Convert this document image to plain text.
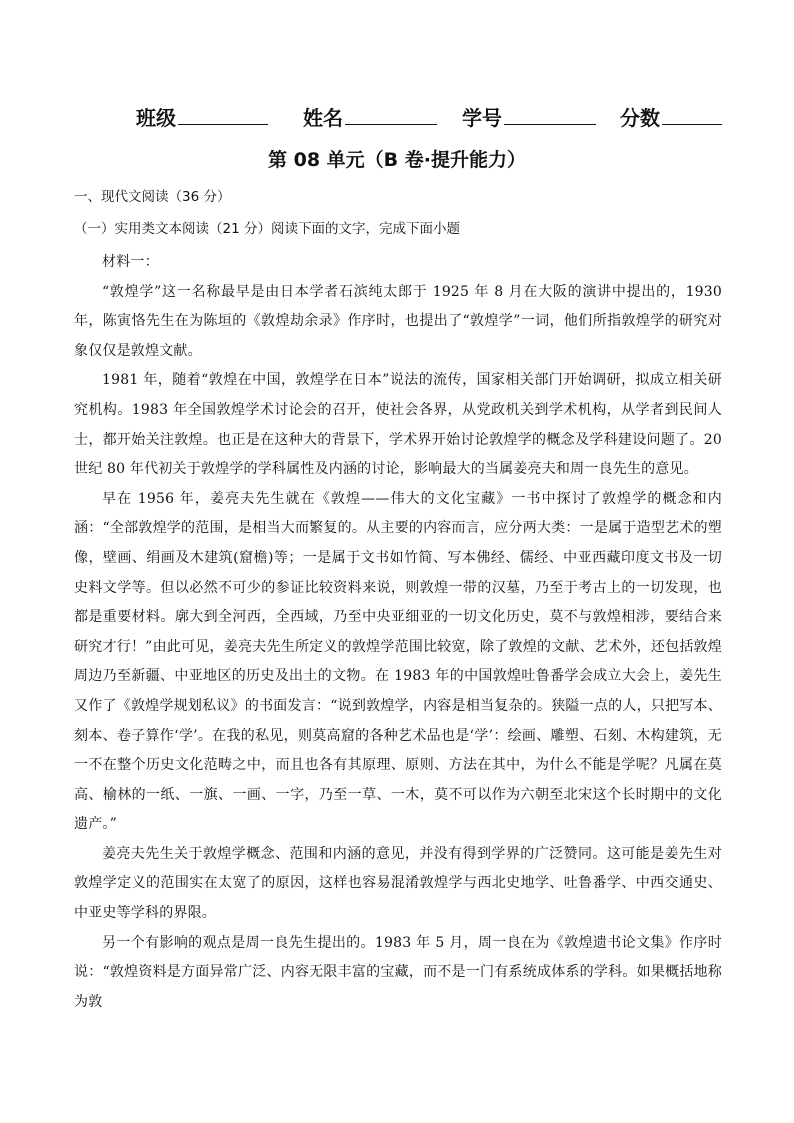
班级	姓名	学号	分数
第 08 单元（B 卷·提升能力）
一、现代文阅读（36 分）
（一）实用类文本阅读（21 分）阅读下面的文字，完成下面小题

材料一：

“敦煌学”这一名称最早是由日本学者石滨纯太郎于 1925 年 8 月在大阪的演讲中提出的，1930 年，陈寅恪先生在为陈垣的《敦煌劫余录》作序时，也提出了“敦煌学”一词，他们所指敦煌学的研究对象仅仅是敦煌文献。

1981 年，随着“敦煌在中国，敦煌学在日本”说法的流传，国家相关部门开始调研，拟成立相关研究机构。1983 年全国敦煌学术讨论会的召开，使社会各界，从党政机关到学术机构，从学者到民间人士，都开始关注敦煌。也正是在这种大的背景下，学术界开始讨论敦煌学的概念及学科建设问题了。20 世纪 80 年代初关于敦煌学的学科属性及内涵的讨论，影响最大的当属姜亮夫和周一良先生的意见。

早在 1956 年，姜亮夫先生就在《敦煌——伟大的文化宝藏》一书中探讨了敦煌学的概念和内涵：“全部敦煌学的范围，是相当大而繁复的。从主要的内容而言，应分两大类：一是属于造型艺术的塑像，壁画、绢画及木建筑(窟檐)等；一是属于文书如竹简、写本佛经、儒经、中亚西藏印度文书及一切史料文学等。但以必然不可少的参证比较资料来说，则敦煌一带的汉墓，乃至于考古上的一切发现，也都是重要材料。廓大到全河西，全西域，乃至中央亚细亚的一切文化历史，莫不与敦煌相涉，要结合来研究才行！”由此可见，姜亮夫先生所定义的敦煌学范围比较宽，除了敦煌的文献、艺术外，还包括敦煌周边乃至新疆、中亚地区的历史及出土的文物。在 1983 年的中国敦煌吐鲁番学会成立大会上，姜先生又作了《敦煌学规划私议》的书面发言：“说到敦煌学，内容是相当复杂的。狭隘一点的人，只把写本、刻本、卷子算作‘学’。在我的私见，则莫高窟的各种艺术品也是‘学’：绘画、雕塑、石刻、木构建筑，无一不在整个历史文化范畴之中，而且也各有其原理、原则、方法在其中，为什么不能是学呢？凡属在莫高、榆林的一纸、一旗、一画、一字，乃至一草、一木，莫不可以作为六朝至北宋这个长时期中的文化遗产。”

姜亮夫先生关于敦煌学概念、范围和内涵的意见，并没有得到学界的广泛赞同。这可能是姜先生对敦煌学定义的范围实在太宽了的原因，这样也容易混淆敦煌学与西北史地学、吐鲁番学、中西交通史、中亚史等学科的界限。

另一个有影响的观点是周一良先生提出的。1983 年 5 月，周一良在为《敦煌遗书论文集》作序时说：“敦煌资料是方面异常广泛、内容无限丰富的宝藏，而不是一门有系统成体系的学科。如果概括地称为敦
